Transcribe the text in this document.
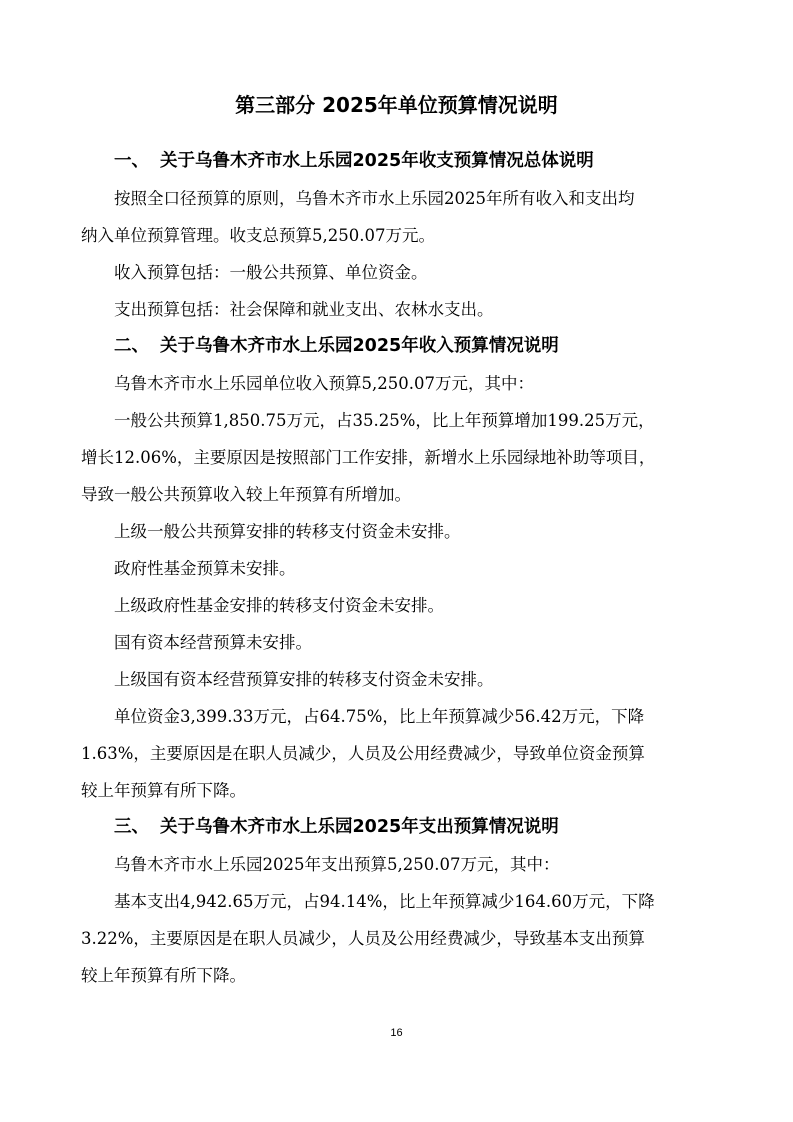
第三部分 2025年单位预算情况说明
一、 关于乌鲁木齐市水上乐园2025年收支预算情况总体说明
按照全口径预算的原则，乌鲁木齐市水上乐园2025年所有收入和支出均
纳入单位预算管理。收支总预算5,250.07万元。
收入预算包括：一般公共预算、单位资金。
支出预算包括：社会保障和就业支出、农林水支出。
二、 关于乌鲁木齐市水上乐园2025年收入预算情况说明
乌鲁木齐市水上乐园单位收入预算5,250.07万元，其中：
一般公共预算1,850.75万元，占35.25%，比上年预算增加199.25万元，
增长12.06%，主要原因是按照部门工作安排，新增水上乐园绿地补助等项目，
导致一般公共预算收入较上年预算有所增加。
上级一般公共预算安排的转移支付资金未安排。
政府性基金预算未安排。
上级政府性基金安排的转移支付资金未安排。
国有资本经营预算未安排。
上级国有资本经营预算安排的转移支付资金未安排。
单位资金3,399.33万元，占64.75%，比上年预算减少56.42万元，下降
1.63%，主要原因是在职人员减少，人员及公用经费减少，导致单位资金预算
较上年预算有所下降。
三、 关于乌鲁木齐市水上乐园2025年支出预算情况说明
乌鲁木齐市水上乐园2025年支出预算5,250.07万元，其中：
基本支出4,942.65万元，占94.14%，比上年预算减少164.60万元，下降
3.22%，主要原因是在职人员减少，人员及公用经费减少，导致基本支出预算
较上年预算有所下降。
16
